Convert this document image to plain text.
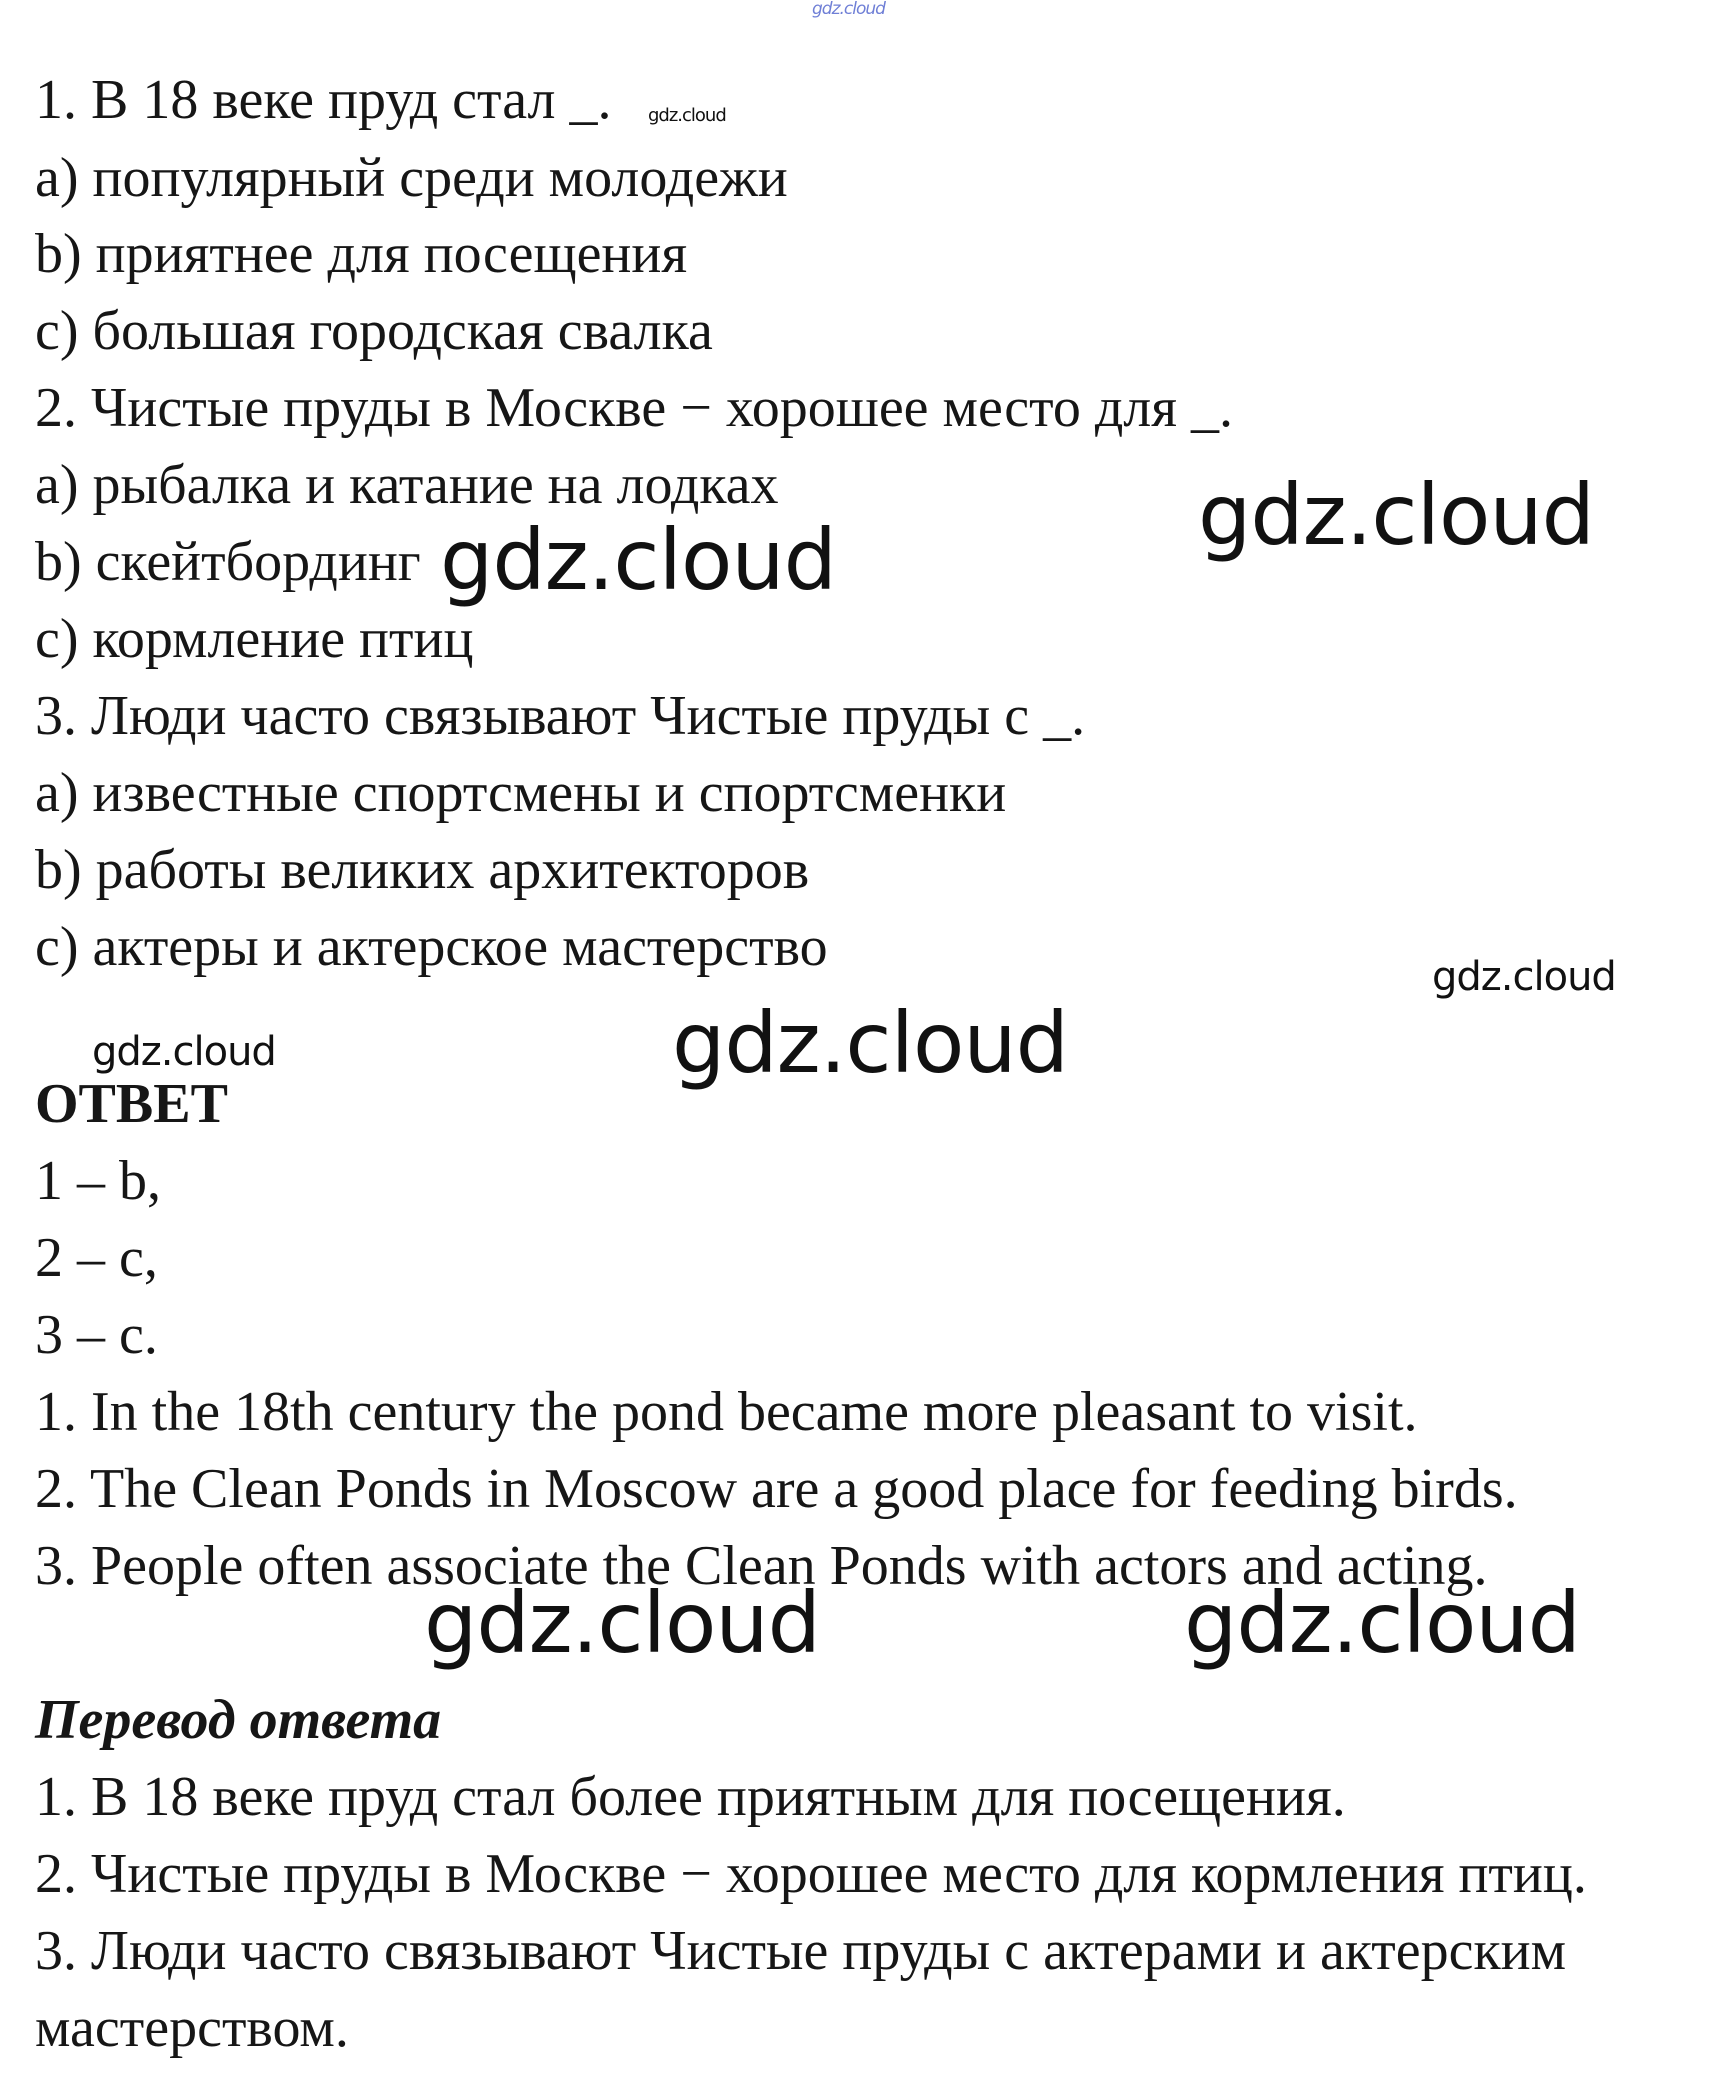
gdz.cloud
1. В 18 веке пруд стал _. gdz.cloud
a) популярный среди молодежи
b) приятнее для посещения
c) большая городская свалка
2. Чистые пруды в Москве − хорошее место для _.
a) рыбалка и катание на лодках
b) скейтбординг
c) кормление птиц
3. Люди часто связывают Чистые пруды с _.
a) известные спортсмены и спортсменки
b) работы великих архитекторов
c) актеры и актерское мастерство
gdz.cloud
gdz.cloud
gdz.cloud
gdz.cloud	gdz.cloud
ОТВЕТ
1 – b,
2 – c,
3 – c.
1. In the 18th century the pond became more pleasant to visit.
2. The Clean Ponds in Moscow are a good place for feeding birds.
3. People often associate the Clean Ponds with actors and acting.
gdz.cloud	gdz.cloud
Перевод ответа
1. В 18 веке пруд стал более приятным для посещения.
2. Чистые пруды в Москве − хорошее место для кормления птиц.
3. Люди часто связывают Чистые пруды с актерами и актерским
мастерством.
